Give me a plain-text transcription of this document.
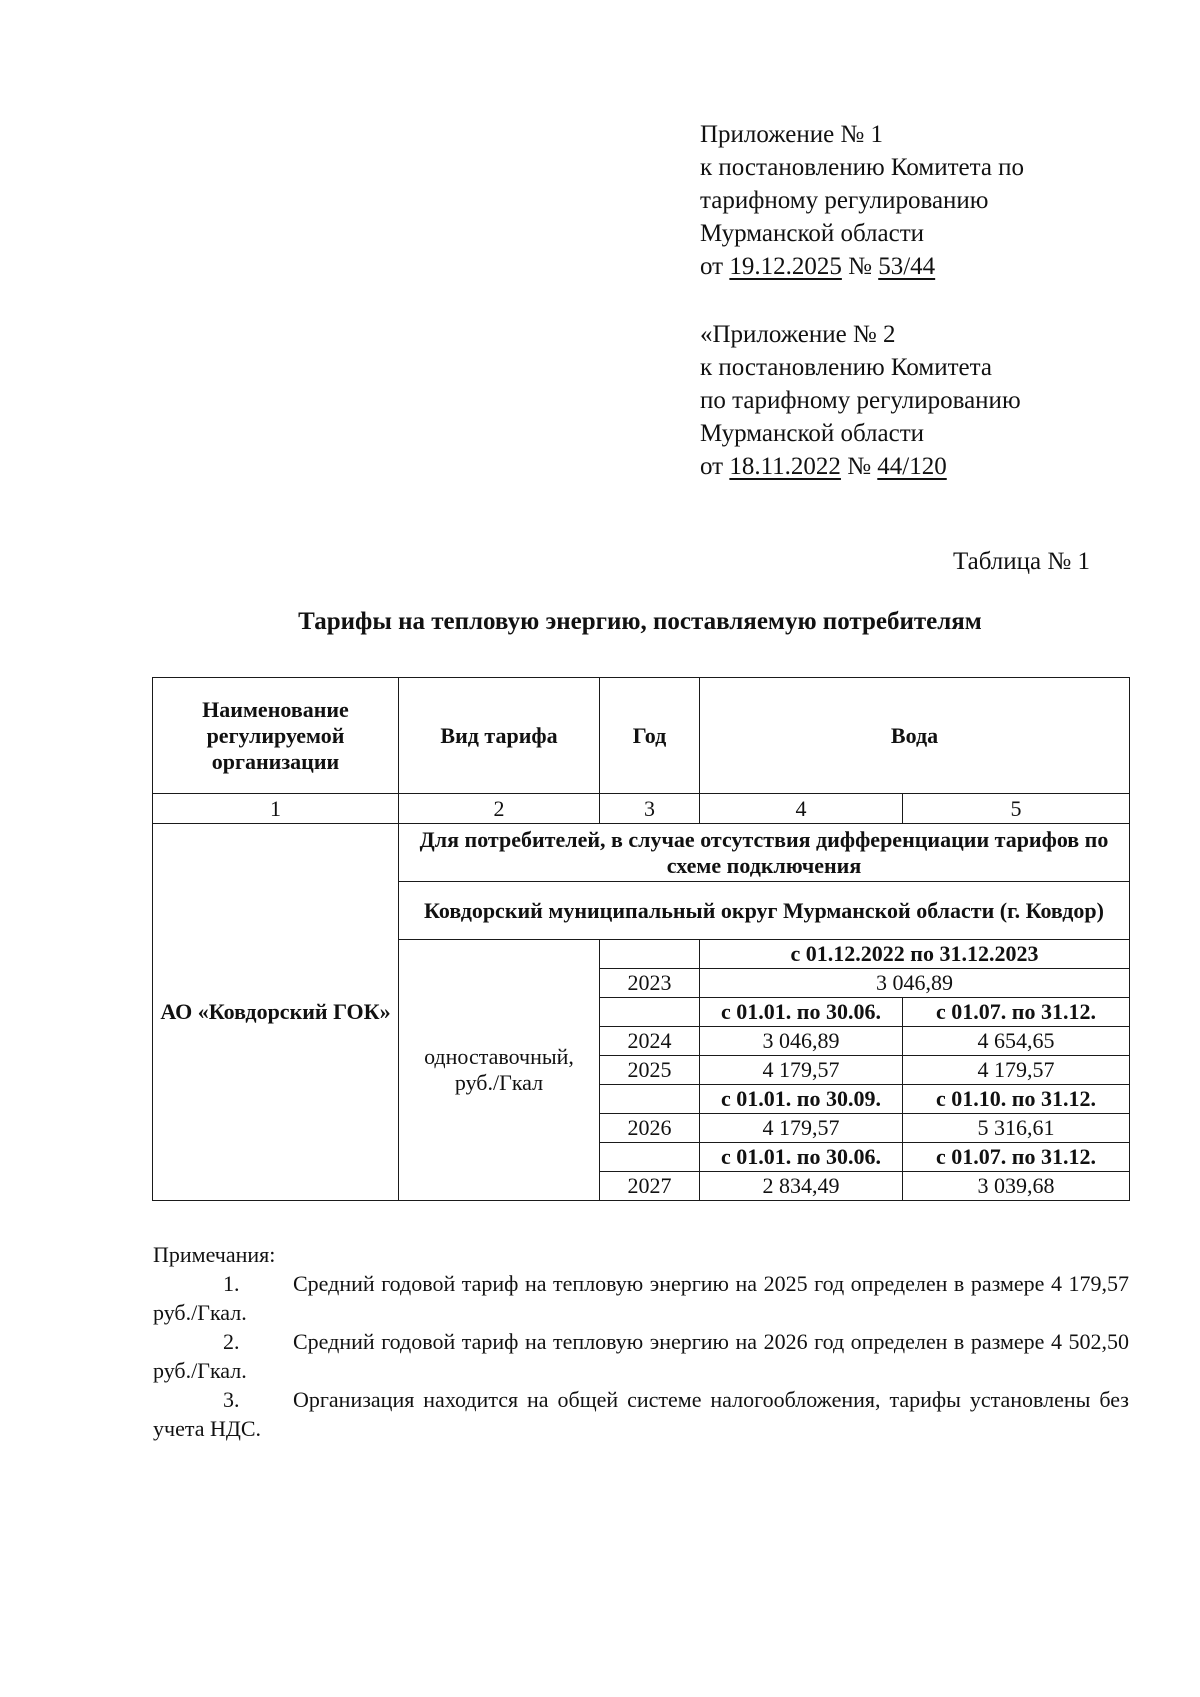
Приложение № 1
к постановлению Комитета по
тарифному регулированию
Мурманской области
от 19.12.2025 № 53/44
«Приложение № 2
к постановлению Комитета
по тарифному регулированию
Мурманской области
от 18.11.2022 № 44/120
Таблица № 1
Тарифы на тепловую энергию, поставляемую потребителям
Наименование регулируемой организации	Вид тарифа	Год	Вода	
1	2	3	4	5
АО «Ковдорский ГОК»	Для потребителей, в случае отсутствия дифференциации тарифов по схеме подключения			
	Ковдорский муниципальный округ Мурманской области (г. Ковдор)			
	одноставочный, руб./Гкал		с 01.12.2022 по 31.12.2023	
		2023	3 046,89	
			с 01.01. по 30.06.	с 01.07. по 31.12.
		2024	3 046,89	4 654,65
		2025	4 179,57	4 179,57
			с 01.01. по 30.09.	с 01.10. по 31.12.
		2026	4 179,57	5 316,61
			с 01.01. по 30.06.	с 01.07. по 31.12.
		2027	2 834,49	3 039,68
Примечания:
1. Средний годовой тариф на тепловую энергию на 2025 год определен в размере 4 179,57 руб./Гкал.
2. Средний годовой тариф на тепловую энергию на 2026 год определен в размере 4 502,50 руб./Гкал.
3. Организация находится на общей системе налогообложения, тарифы установлены без учета НДС.
